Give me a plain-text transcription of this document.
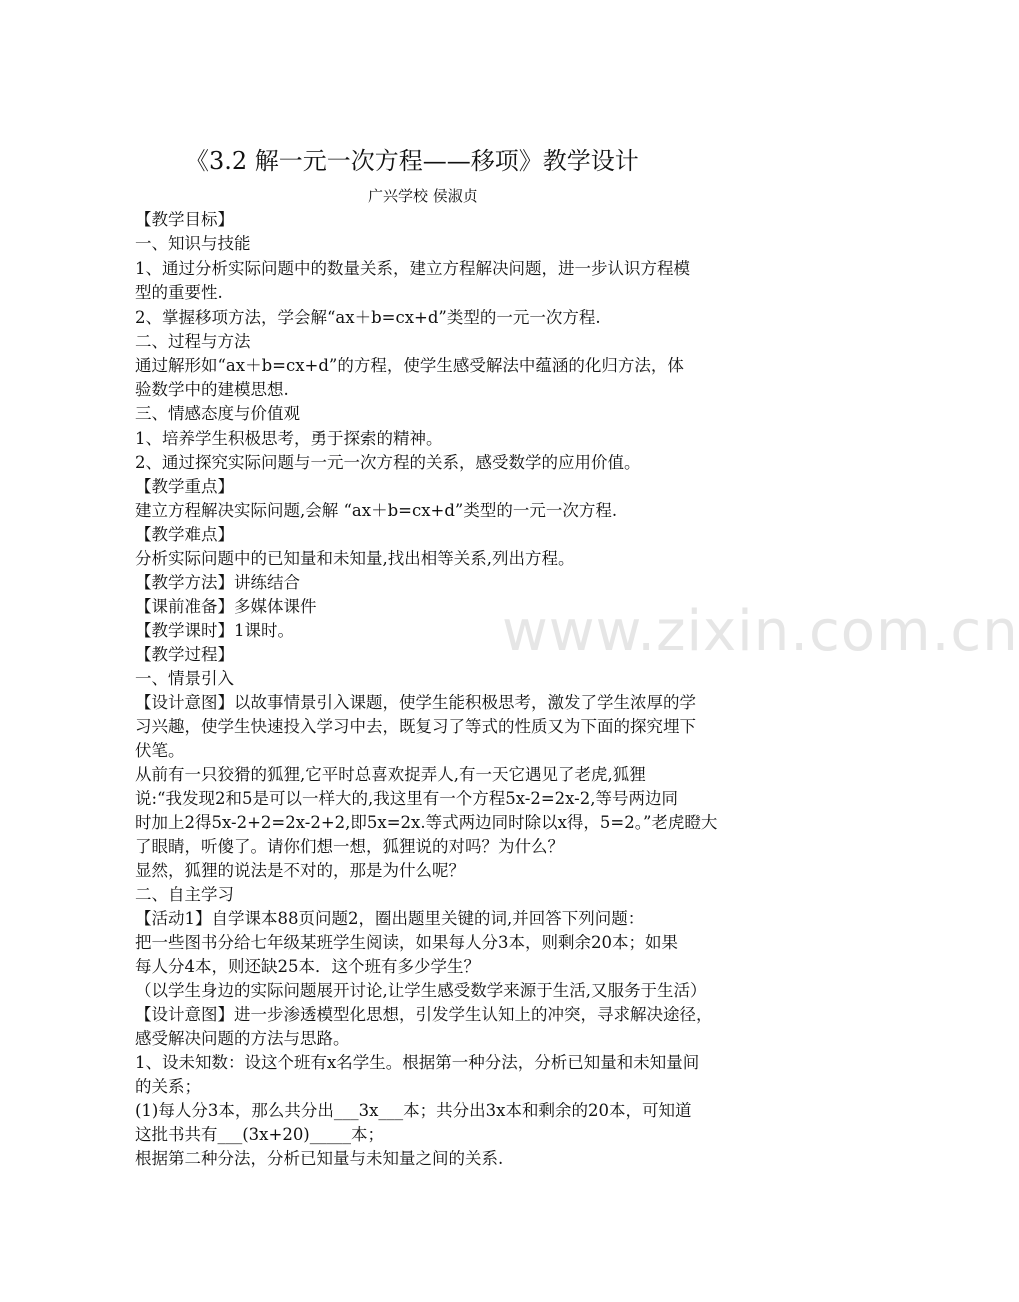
www.zixin.com.cn
《3.2 解一元一次方程——移项》教学设计
广兴学校 侯淑贞

【教学目标】

一、知识与技能

1、通过分析实际问题中的数量关系，建立方程解决问题，进一步认识方程模

型的重要性.

2、掌握移项方法，学会解“ax＋b=cx+d”类型的一元一次方程.

二、过程与方法

通过解形如“ax＋b=cx+d”的方程，使学生感受解法中蕴涵的化归方法，体

验数学中的建模思想.

三、情感态度与价值观

1、培养学生积极思考，勇于探索的精神。

2、通过探究实际问题与一元一次方程的关系，感受数学的应用价值。

【教学重点】

建立方程解决实际问题,会解 “ax＋b=cx+d”类型的一元一次方程.

【教学难点】

分析实际问题中的已知量和未知量,找出相等关系,列出方程。

【教学方法】讲练结合

【课前准备】多媒体课件

【教学课时】1课时。

【教学过程】

一、情景引入

【设计意图】以故事情景引入课题，使学生能积极思考，激发了学生浓厚的学

习兴趣，使学生快速投入学习中去，既复习了等式的性质又为下面的探究埋下

伏笔。

从前有一只狡猾的狐狸,它平时总喜欢捉弄人,有一天它遇见了老虎,狐狸

说:“我发现2和5是可以一样大的,我这里有一个方程5x-2=2x-2,等号两边同

时加上2得5x-2+2=2x-2+2,即5x=2x.等式两边同时除以x得，5=2。”老虎瞪大

了眼睛，听傻了。请你们想一想，狐狸说的对吗？为什么？

显然，狐狸的说法是不对的，那是为什么呢？

二、自主学习

【活动1】自学课本88页问题2，圈出题里关键的词,并回答下列问题：

把一些图书分给七年级某班学生阅读，如果每人分3本，则剩余20本；如果

每人分4本，则还缺25本．这个班有多少学生？

（以学生身边的实际问题展开讨论,让学生感受数学来源于生活,又服务于生活）

【设计意图】进一步渗透模型化思想，引发学生认知上的冲突，寻求解决途径，

感受解决问题的方法与思路。

1、设未知数：设这个班有x名学生。根据第一种分法，分析已知量和未知量间

的关系；

(1)每人分3本，那么共分出___3x___本；共分出3x本和剩余的20本，可知道

这批书共有___(3x+20)_____本；

根据第二种分法，分析已知量与未知量之间的关系.
